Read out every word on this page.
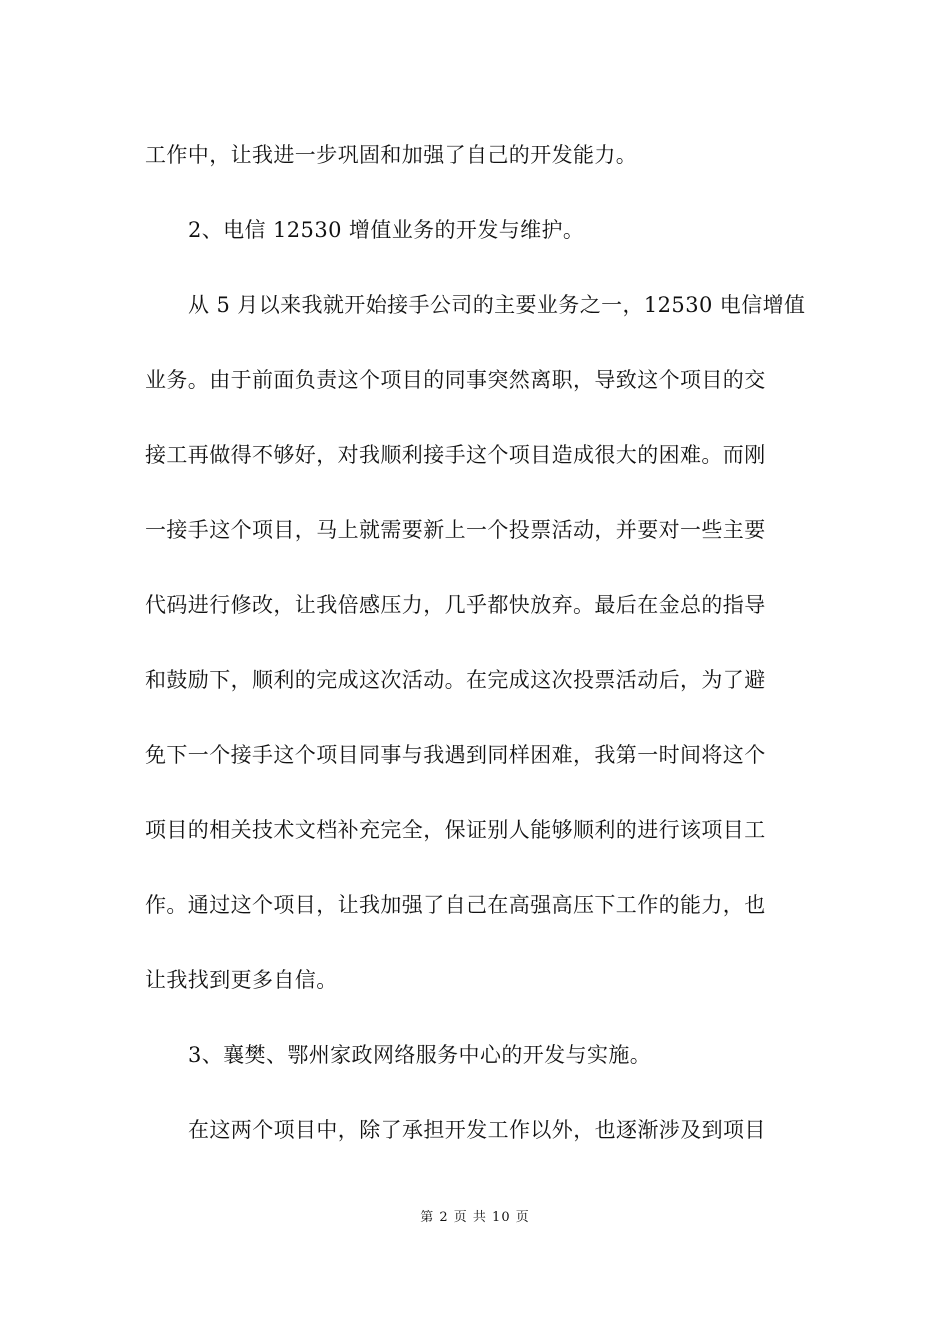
工作中，让我进一步巩固和加强了自己的开发能力。
2、电信 12530 增值业务的开发与维护。
从 5 月以来我就开始接手公司的主要业务之一，12530 电信增值
业务。由于前面负责这个项目的同事突然离职，导致这个项目的交
接工再做得不够好，对我顺利接手这个项目造成很大的困难。而刚
一接手这个项目，马上就需要新上一个投票活动，并要对一些主要
代码进行修改，让我倍感压力，几乎都快放弃。最后在金总的指导
和鼓励下，顺利的完成这次活动。在完成这次投票活动后，为了避
免下一个接手这个项目同事与我遇到同样困难，我第一时间将这个
项目的相关技术文档补充完全，保证别人能够顺利的进行该项目工
作。通过这个项目，让我加强了自己在高强高压下工作的能力，也
让我找到更多自信。
3、襄樊、鄂州家政网络服务中心的开发与实施。
在这两个项目中，除了承担开发工作以外，也逐渐涉及到项目
第 2 页 共 10 页
